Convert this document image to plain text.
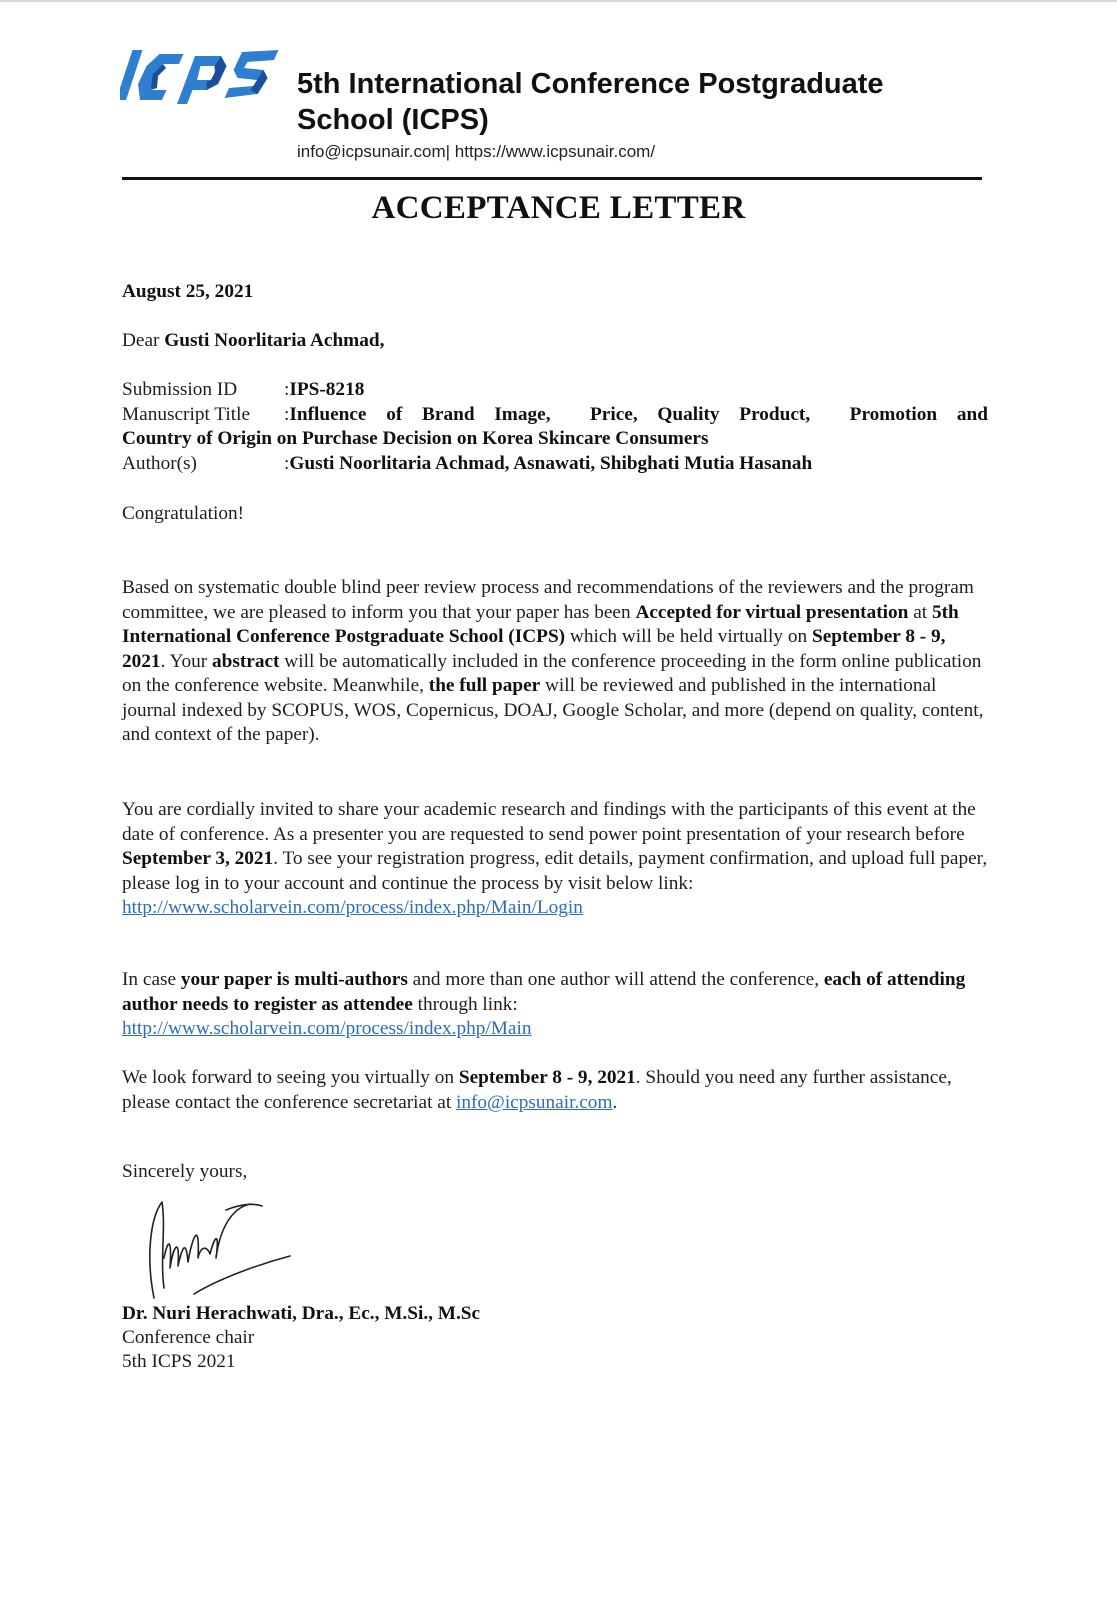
5th International Conference Postgraduate
School (ICPS)
info@icpsunair.com| https://www.icpsunair.com/
ACCEPTANCE LETTER
August 25, 2021
Dear Gusti Noorlitaria Achmad,
Submission ID	: IPS-8218
Manuscript Title	: Influence of Brand Image,  Price, Quality Product,  Promotion and
Country of Origin on Purchase Decision on Korea Skincare Consumers
Author(s)	: Gusti Noorlitaria Achmad, Asnawati, Shibghati Mutia Hasanah
Congratulation!
Based on systematic double blind peer review process and recommendations of the reviewers and the program committee, we are pleased to inform you that your paper has been Accepted for virtual presentation at 5th International Conference Postgraduate School (ICPS) which will be held virtually on September 8 - 9, 2021. Your abstract will be automatically included in the conference proceeding in the form online publication on the conference website. Meanwhile, the full paper will be reviewed and published in the international journal indexed by SCOPUS, WOS, Copernicus, DOAJ, Google Scholar, and more (depend on quality, content, and context of the paper).
You are cordially invited to share your academic research and findings with the participants of this event at the date of conference. As a presenter you are requested to send power point presentation of your research before September 3, 2021. To see your registration progress, edit details, payment confirmation, and upload full paper, please log in to your account and continue the process by visit below link:
http://www.scholarvein.com/process/index.php/Main/Login
In case your paper is multi-authors and more than one author will attend the conference, each of attending author needs to register as attendee through link:
http://www.scholarvein.com/process/index.php/Main
We look forward to seeing you virtually on September 8 - 9, 2021. Should you need any further assistance, please contact the conference secretariat at info@icpsunair.com.
Sincerely yours,
Dr. Nuri Herachwati, Dra., Ec., M.Si., M.Sc
Conference chair
5th ICPS 2021
